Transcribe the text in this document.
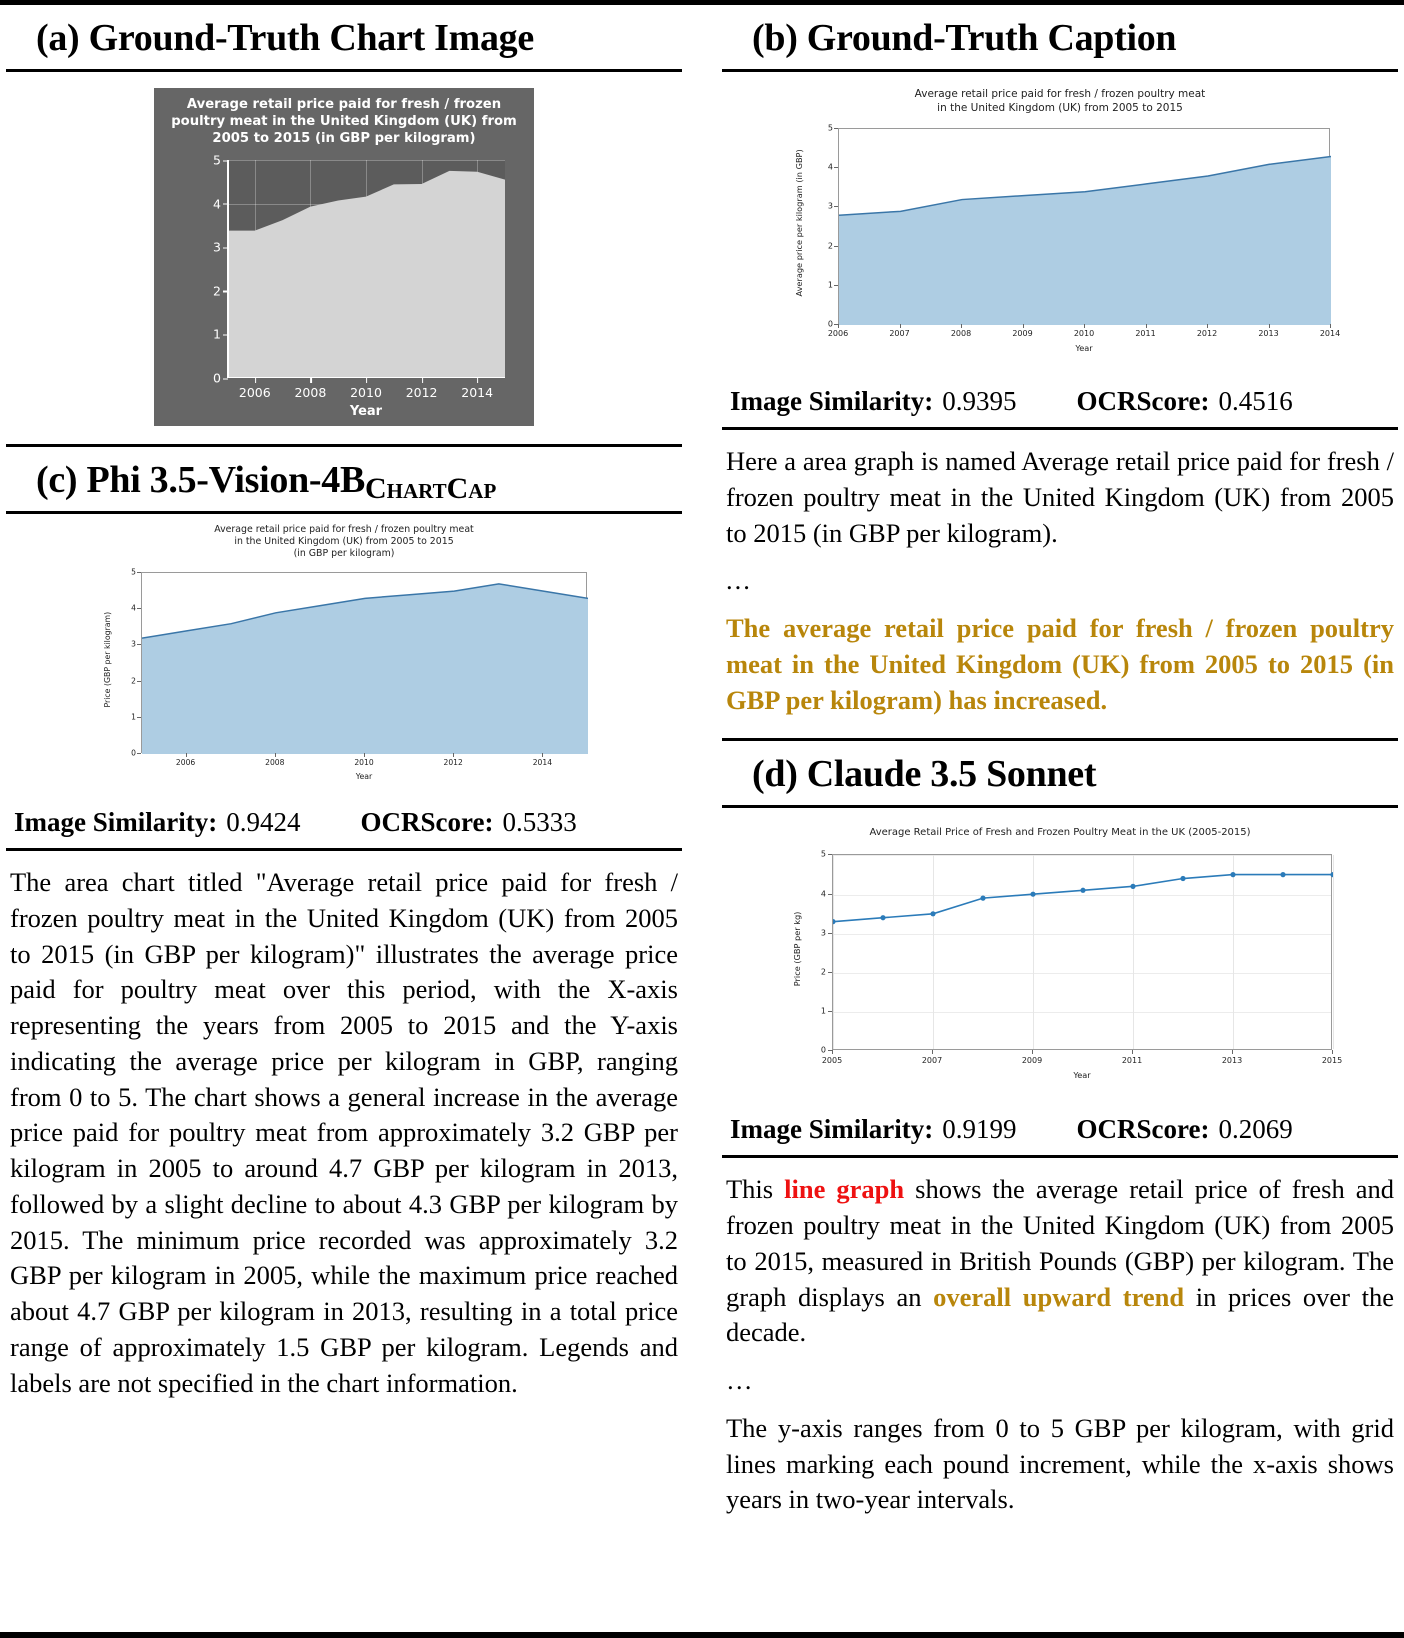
(a) Ground-Truth Chart Image
Average retail price paid for fresh / frozen
poultry meat in the United Kingdom (UK) from
2005 to 2015 (in GBP per kilogram)
Average price per kilogram (in GBP)	0
1
2
3
4
5
2006 2008 2010 2012 2014
Year
(c) Phi 3.5-Vision-4BChartCap
Average retail price paid for fresh / frozen poultry meat
in the United Kingdom (UK) from 2005 to 2015
(in GBP per kilogram)
2006	2008	2010	2012	2014
0
1
2
3
4
5
Year
Price (GBP per kilogram)
Image Similarity: 0.9424 OCRScore: 0.5333

The area chart titled "Average retail price paid for fresh / frozen poultry meat in the United Kingdom (UK) from 2005 to 2015 (in GBP per kilogram)" illustrates the average price paid for poultry meat over this period, with the X-axis representing the years from 2005 to 2015 and the Y-axis indicating the average price per kilogram in GBP, ranging from 0 to 5. The chart shows a general increase in the average price paid for poultry meat from approximately 3.2 GBP per kilogram in 2005 to around 4.7 GBP per kilogram in 2013, followed by a slight decline to about 4.3 GBP per kilogram by 2015. The minimum price recorded was approximately 3.2 GBP per kilogram in 2005, while the maximum price reached about 4.7 GBP per kilogram in 2013, resulting in a total price range of approximately 1.5 GBP per kilogram. Legends and labels are not specified in the chart information.

(b) Ground-Truth Caption
Average retail price paid for fresh / frozen poultry meat
in the United Kingdom (UK) from 2005 to 2015
2006	2007	2008	2009	2010	2011	2012	2013	2014
0
1
2
3
4
5
Year
Average price per kilogram (in GBP)
Image Similarity: 0.9395 OCRScore: 0.4516

Here a area graph is named Average retail price paid for fresh / frozen poultry meat in the United Kingdom (UK) from 2005 to 2015 (in GBP per kilogram).

...

The average retail price paid for fresh / frozen poultry meat in the United Kingdom (UK) from 2005 to 2015 (in GBP per kilogram) has increased.

(d) Claude 3.5 Sonnet
Average Retail Price of Fresh and Frozen Poultry Meat in the UK (2005-2015)
2005	2007	2009	2011	2013	2015
0
1
2
3
4
5
Year
Price (GBP per kg)
Image Similarity: 0.9199 OCRScore: 0.2069

This line graph shows the average retail price of fresh and frozen poultry meat in the United Kingdom (UK) from 2005 to 2015, measured in British Pounds (GBP) per kilogram. The graph displays an overall upward trend in prices over the decade.

…

The y-axis ranges from 0 to 5 GBP per kilogram, with grid lines marking each pound increment, while the x-axis shows years in two-year intervals.
